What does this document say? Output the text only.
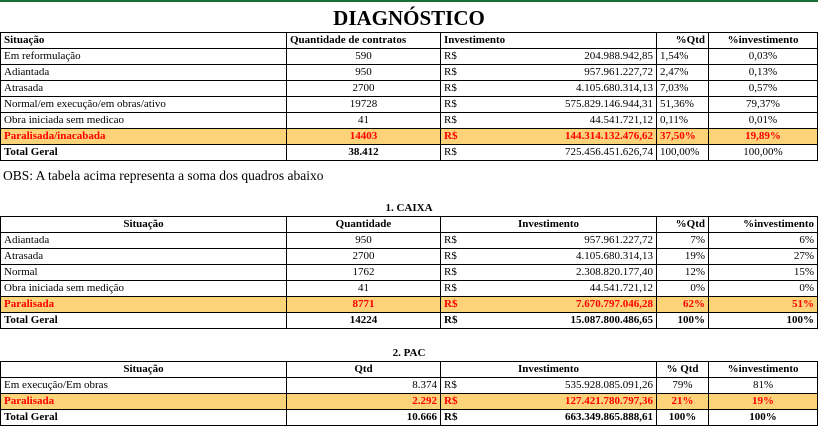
DIAGNÓSTICO					
Situação	Quantidade de contratos	Investimento		%Qtd	%investimento
Em reformulação	590	R$	204.988.942,85	1,54%	0,03%
Adiantada	950	R$	957.961.227,72	2,47%	0,13%
Atrasada	2700	R$	4.105.680.314,13	7,03%	0,57%
Normal/em execução/em obras/ativo	19728	R$	575.829.146.944,31	51,36%	79,37%
Obra iniciada sem medicao	41	R$	44.541.721,12	0,11%	0,01%
Paralisada/inacabada	14403	R$	144.314.132.476,62	37,50%	19,89%
Total Geral	38.412	R$	725.456.451.626,74	100,00%	100,00%
OBS: A tabela acima representa a soma dos quadros abaixo
1. CAIXA					
Situação	Quantidade	Investimento		%Qtd	%investimento
Adiantada	950	R$	957.961.227,72	7%	6%
Atrasada	2700	R$	4.105.680.314,13	19%	27%
Normal	1762	R$	2.308.820.177,40	12%	15%
Obra iniciada sem medição	41	R$	44.541.721,12	0%	0%
Paralisada	8771	R$	7.670.797.046,28	62%	51%
Total Geral	14224	R$	15.087.800.486,65	100%	100%
2. PAC					
Situação	Qtd	Investimento		% Qtd	%investimento
Em execução/Em obras	8.374	R$	535.928.085.091,26	79%	81%
Paralisada	2.292	R$	127.421.780.797,36	21%	19%
Total Geral	10.666	R$	663.349.865.888,61	100%	100%
